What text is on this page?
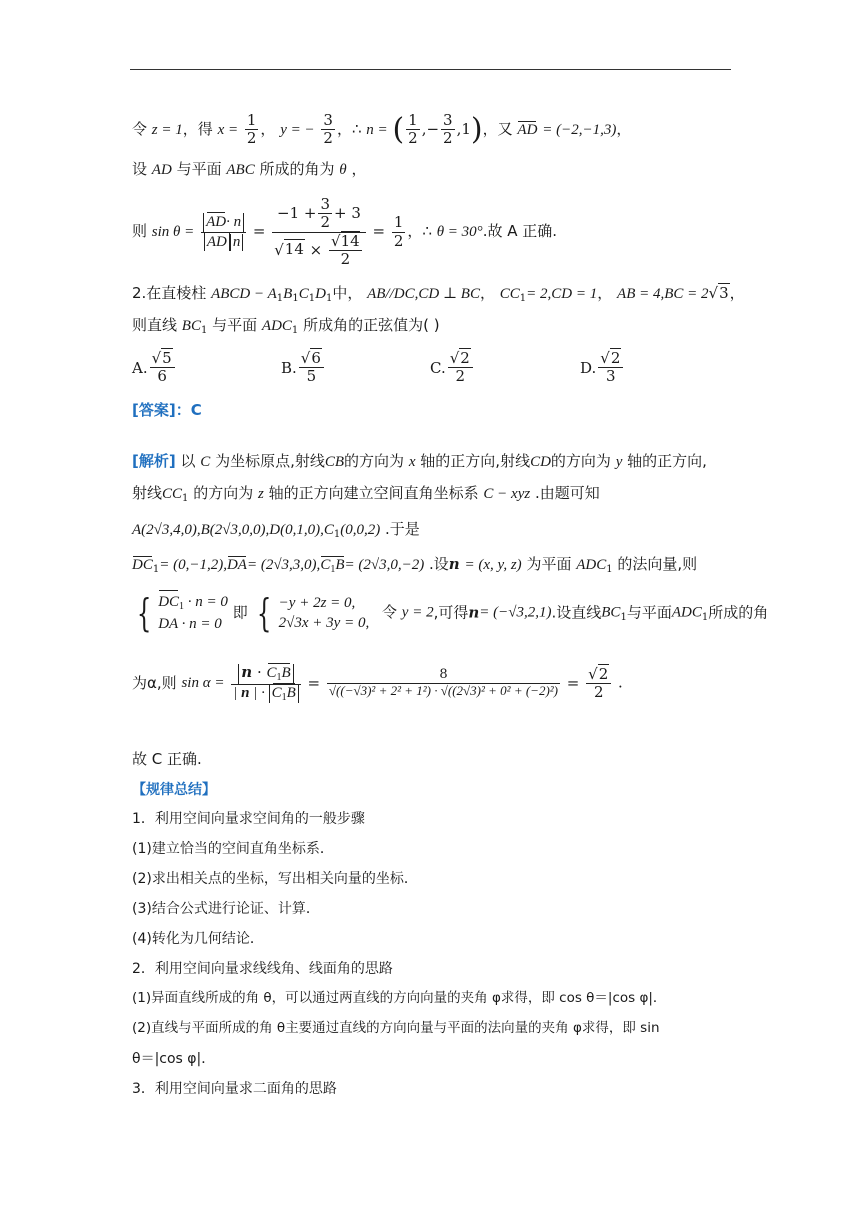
令 z = 1，得 $x = \frac{1}{2}$ ， y = − $\frac{3}{2}$ ，∴ n = ( $\frac{1}{2}$ ,− $\frac{3}{2} ,1$)，又 AD = (−2,−1,3)，
设 AD 与平面 ABC 所成的角为 θ ，
则 $\sin \theta = \frac{AD\cdot n}{\text{AD n}} = \frac{-1 + \frac{3}{2} + 3}{√14 \times \frac{√14}{2}} = \frac{1}{2}$ ，∴ θ = 30°.故 A 正确.
2.在直棱柱 ABCD − $A_1B_1C_1D_1$中， AB//DC,CD ⊥ BC， $CC_1= 2,CD = 1$， AB = 4,BC = 2√3，
则直线 $BC_1$ 与平面 $ADC_1$ 所成角的正弦值为( )
A. $\frac{√5}{6}$	B. $\frac{√6}{5}$	C. $\frac{√2}{2}$	D. $\frac{√2}{3}$
[答案]：C
[解析] 以 C 为坐标原点,射线CB的方向为 x 轴的正方向,射线CD的方向为 y 轴的正方向,
射线$CC_1$ 的方向为 z 轴的正方向建立空间直角坐标系 C − xyz .由题可知
$A(2√3,4,0),B(2√3,0,0),D(0,1,0),C_1(0,0,2)$ .于是
$DC_1= (0,-1,2),DA= (2√3,3,0),C_1B= (2√3,0,-2)$ .设n = (x, y, z) 为平面 $ADC_1$ 的法向量,则
{ $DC_1 \cdot n = 0$
DA · n = 0 即 { −y + 2z = 0,
2√3x + 3y = 0, 令 y = 2,可得n= (−√3,2,1).设直线$BC_1$与平面$ADC_1$所成的角
为α,则 $\sin \alpha = \frac{n \cdot C_1B}{| n | \cdot C_1B} = \frac{8}{\text{√((−√3)² + 2² + 1²) · √((2√3)² + 0² + (−2)²)}} = \frac{√2}{2}$ .
故 C 正确.
【规律总结】
1．利用空间向量求空间角的一般步骤
(1)建立恰当的空间直角坐标系．
(2)求出相关点的坐标，写出相关向量的坐标．
(3)结合公式进行论证、计算．
(4)转化为几何结论．
2．利用空间向量求线线角、线面角的思路
(1)异面直线所成的角 θ，可以通过两直线的方向向量的夹角 φ求得，即 cos θ＝|cos φ|．
(2)直线与平面所成的角 θ主要通过直线的方向向量与平面的法向量的夹角 φ求得，即 sin
θ＝|cos φ|．
3．利用空间向量求二面角的思路
